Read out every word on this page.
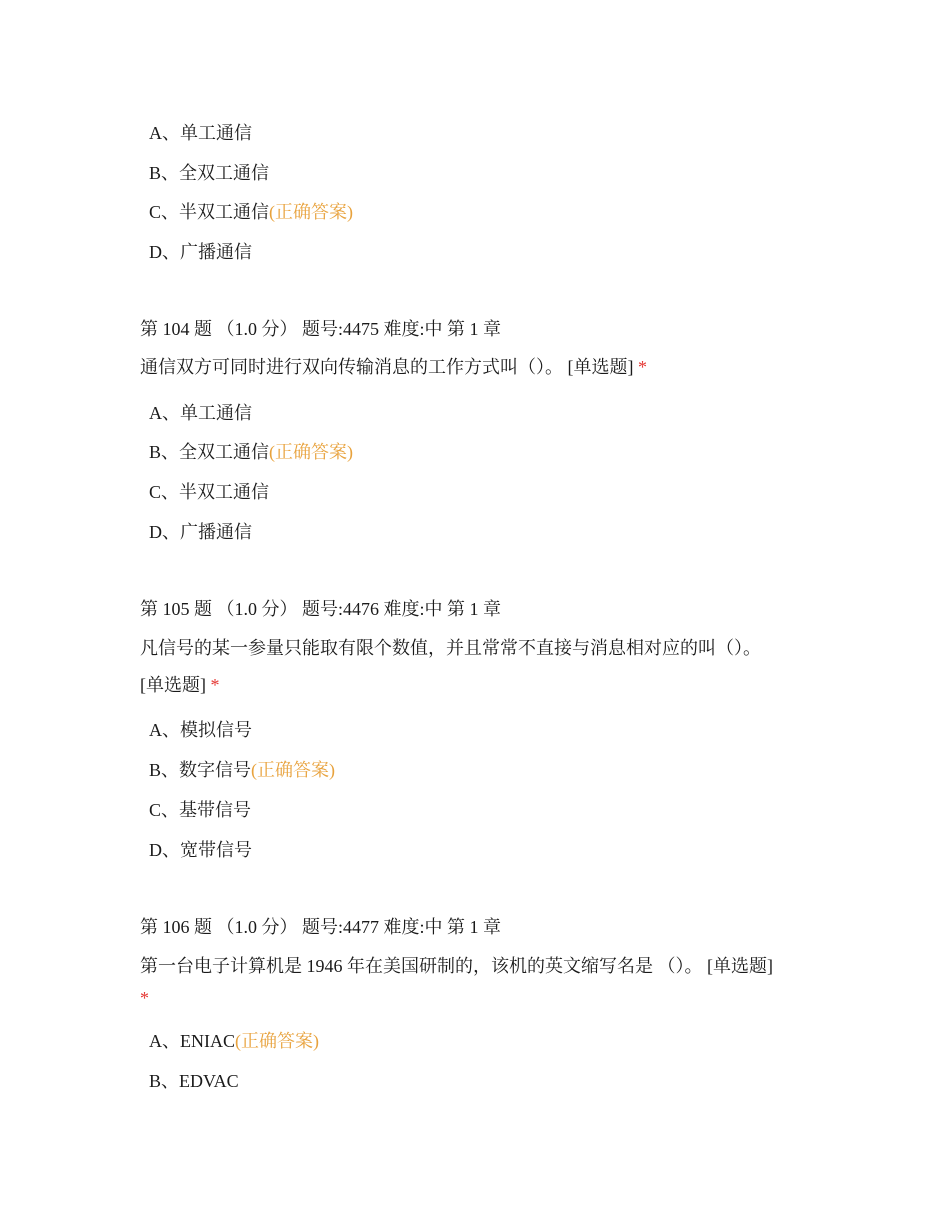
A、单工通信
B、全双工通信
C、半双工通信(正确答案)
D、广播通信
第 104 题 （1.0 分） 题号:4475 难度:中 第 1 章
通信双方可同时进行双向传输消息的工作方式叫（）。 [单选题] *
A、单工通信
B、全双工通信(正确答案)
C、半双工通信
D、广播通信
第 105 题 （1.0 分） 题号:4476 难度:中 第 1 章
凡信号的某一参量只能取有限个数值，并且常常不直接与消息相对应的叫（）。
[单选题] *
A、模拟信号
B、数字信号(正确答案)
C、基带信号
D、宽带信号
第 106 题 （1.0 分） 题号:4477 难度:中 第 1 章
第一台电子计算机是 1946 年在美国研制的，该机的英文缩写名是 （）。 [单选题]
*
A、ENIAC(正确答案)
B、EDVAC
